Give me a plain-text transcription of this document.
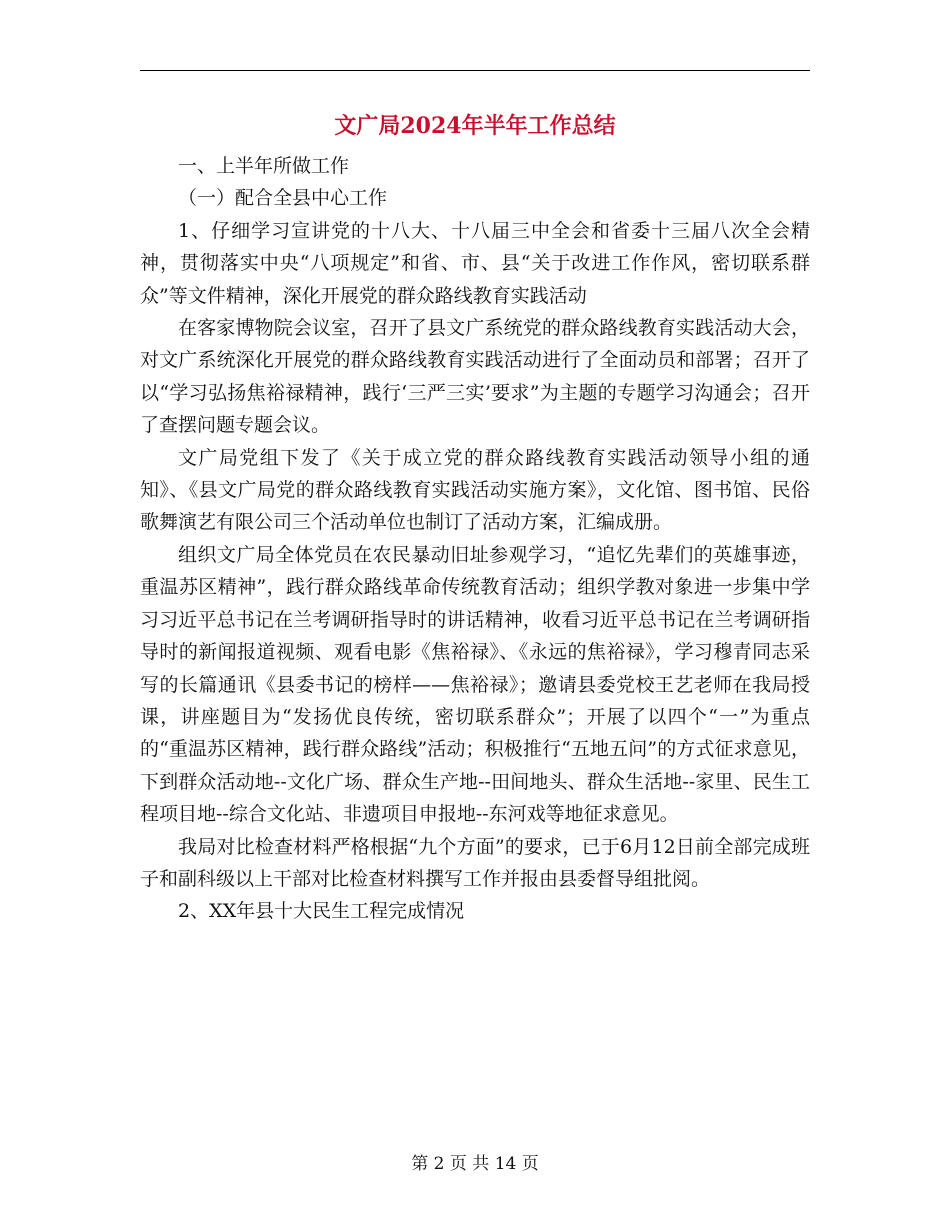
文广局2024年半年工作总结

一、上半年所做工作

（一）配合全县中心工作

1、仔细学习宣讲党的十八大、十八届三中全会和省委十三届八次全会精神，贯彻落实中央“八项规定”和省、市、县“关于改进工作作风，密切联系群众”等文件精神，深化开展党的群众路线教育实践活动

在客家博物院会议室，召开了县文广系统党的群众路线教育实践活动大会，对文广系统深化开展党的群众路线教育实践活动进行了全面动员和部署；召开了以“学习弘扬焦裕禄精神，践行‘三严三实’要求”为主题的专题学习沟通会；召开了查摆问题专题会议。

文广局党组下发了《关于成立党的群众路线教育实践活动领导小组的通知》、《县文广局党的群众路线教育实践活动实施方案》，文化馆、图书馆、民俗歌舞演艺有限公司三个活动单位也制订了活动方案，汇编成册。

组织文广局全体党员在农民暴动旧址参观学习，“追忆先辈们的英雄事迹，重温苏区精神”，践行群众路线革命传统教育活动；组织学教对象进一步集中学习习近平总书记在兰考调研指导时的讲话精神，收看习近平总书记在兰考调研指导时的新闻报道视频、观看电影《焦裕禄》、《永远的焦裕禄》，学习穆青同志采写的长篇通讯《县委书记的榜样——焦裕禄》；邀请县委党校王艺老师在我局授课，讲座题目为“发扬优良传统，密切联系群众”；开展了以四个“一”为重点的“重温苏区精神，践行群众路线”活动；积极推行“五地五问”的方式征求意见，下到群众活动地--文化广场、群众生产地--田间地头、群众生活地--家里、民生工程项目地--综合文化站、非遗项目申报地--东河戏等地征求意见。

我局对比检查材料严格根据“九个方面”的要求，已于6月12日前全部完成班子和副科级以上干部对比检查材料撰写工作并报由县委督导组批阅。

2、XX年县十大民生工程完成情况

第 2 页 共 14 页
